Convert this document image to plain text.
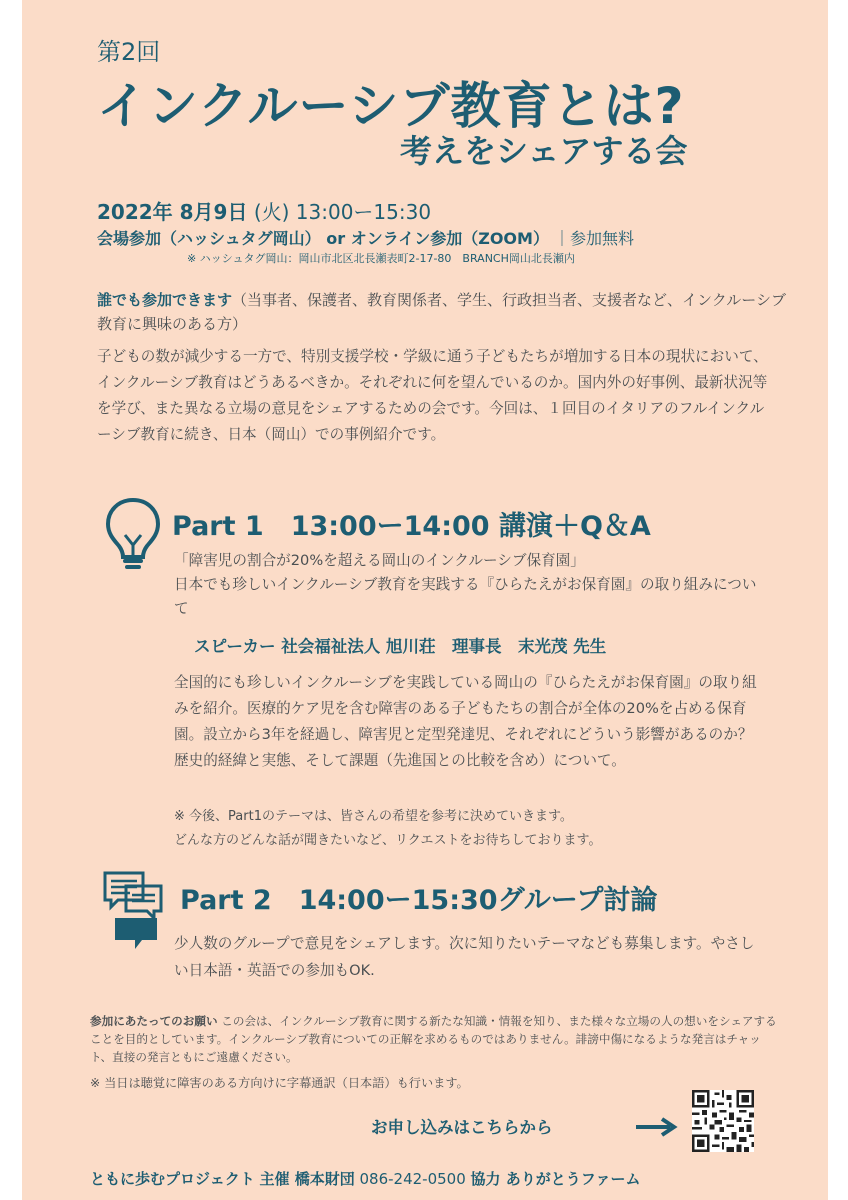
第2回
インクルーシブ教育とは?
考えをシェアする会
2022年 8月9日 (火) 13:00ー15:30
会場参加（ハッシュタグ岡山） or オンライン参加（ZOOM） ｜参加無料
※ ハッシュタグ岡山：岡山市北区北長瀬表町2-17-80　BRANCH岡山北長瀬内
誰でも参加できます（当事者、保護者、教育関係者、学生、行政担当者、支援者など、インクルーシブ教育に興味のある方）
子どもの数が減少する一方で、特別支援学校・学級に通う子どもたちが増加する日本の現状において、インクルーシブ教育はどうあるべきか。それぞれに何を望んでいるのか。国内外の好事例、最新状況等を学び、また異なる立場の意見をシェアするための会です。今回は、１回目のイタリアのフルインクルーシブ教育に続き、日本（岡山）での事例紹介です。
Part 1　13:00ー14:00 講演＋Q＆A
「障害児の割合が20%を超える岡山のインクルーシブ保育園」
日本でも珍しいインクルーシブ教育を実践する『ひらたえがお保育園』の取り組みについて
スピーカー 社会福祉法人 旭川荘　理事長　末光茂 先生
全国的にも珍しいインクルーシブを実践している岡山の『ひらたえがお保育園』の取り組みを紹介。医療的ケア児を含む障害のある子どもたちの割合が全体の20%を占める保育園。設立から3年を経過し、障害児と定型発達児、それぞれにどういう影響があるのか？歴史的経緯と実態、そして課題（先進国との比較を含め）について。
※ 今後、Part1のテーマは、皆さんの希望を参考に決めていきます。
どんな方のどんな話が聞きたいなど、リクエストをお待ちしております。
Part 2　14:00ー15:30グループ討論
少人数のグループで意見をシェアします。次に知りたいテーマなども募集します。やさしい日本語・英語での参加もOK.
参加にあたってのお願い この会は、インクルーシブ教育に関する新たな知識・情報を知り、また様々な立場の人の想いをシェアすることを目的としています。インクルーシブ教育についての正解を求めるものではありません。誹謗中傷になるような発言はチャット、直接の発言ともにご遠慮ください。
※ 当日は聴覚に障害のある方向けに字幕通訳（日本語）も行います。
お申し込みはこちらから
ともに歩むプロジェクト 主催 橋本財団 086-242-0500 協力 ありがとうファーム
